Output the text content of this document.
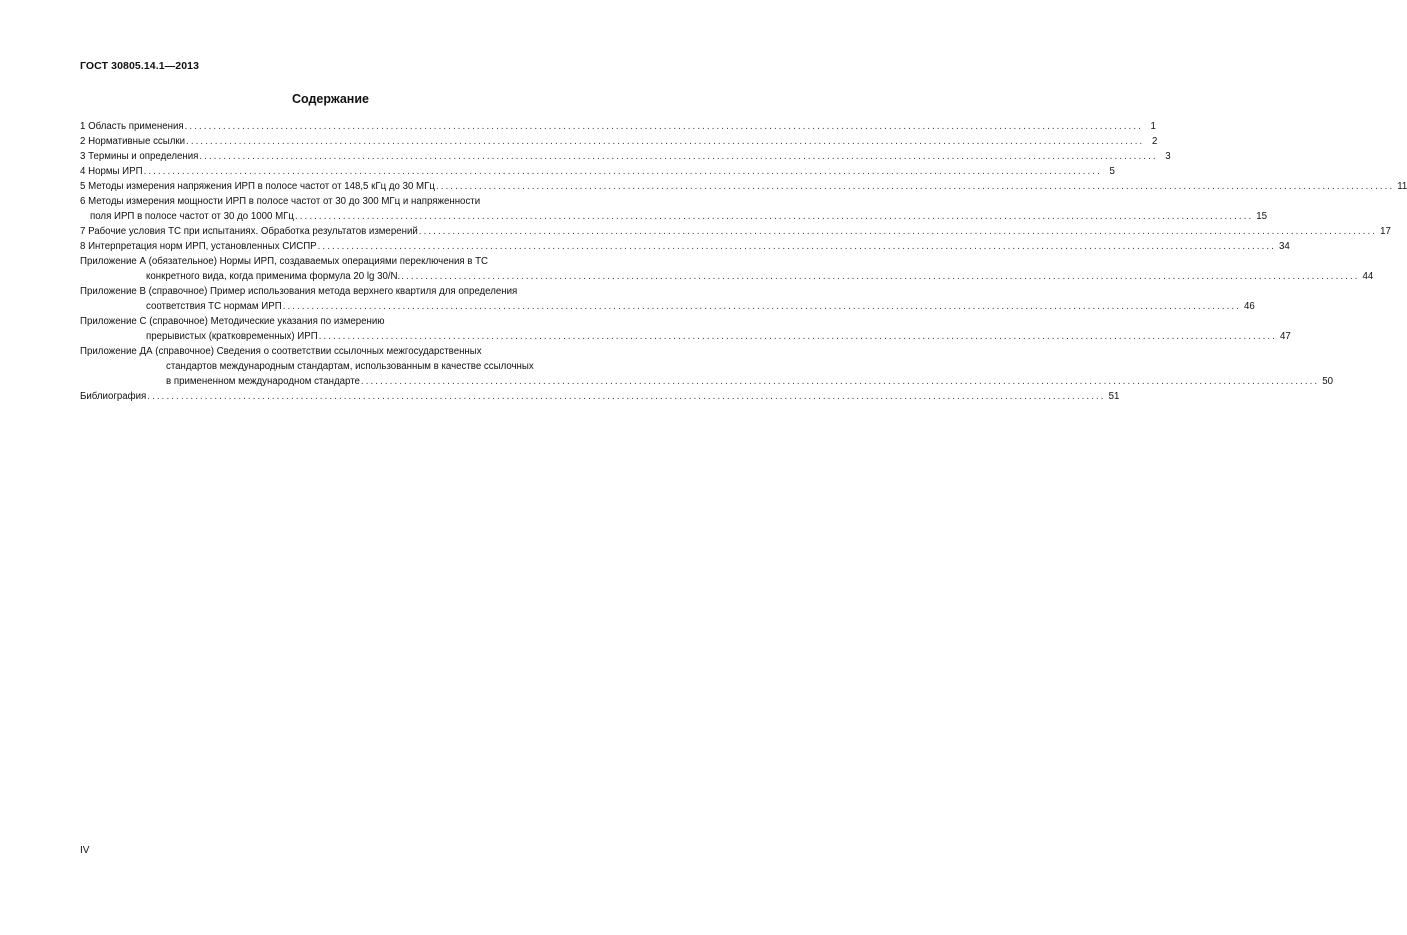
ГОСТ 30805.14.1—2013
Содержание
1 Область применения ........................................................................................................................................................................................................ 1
2 Нормативные ссылки ........................................................................................................................................................................................................ 2
3 Термины и определения ........................................................................................................................................................................................................ 3
4 Нормы ИРП ........................................................................................................................................................................................................ 5
5 Методы измерения напряжения ИРП в полосе частот от 148,5 кГц до 30 МГц ........................................................................................................................................................................................................ 11
6 Методы измерения мощности ИРП в полосе частот от 30 до 300 МГц и напряженности
поля ИРП в полосе частот от 30 до 1000 МГц ........................................................................................................................................................................................................ 15
7 Рабочие условия ТС при испытаниях. Обработка результатов измерений ........................................................................................................................................................................................................ 17
8 Интерпретация норм ИРП, установленных СИСПР ........................................................................................................................................................................................................ 34
Приложение А (обязательное) Нормы ИРП, создаваемых операциями переключения в ТС
конкретного вида, когда применима формула 20 lg 30/N. ........................................................................................................................................................................................................ 44
Приложение В (справочное) Пример использования метода верхнего квартиля для определения
соответствия ТС нормам ИРП ........................................................................................................................................................................................................ 46
Приложение С (справочное) Методические указания по измерению
прерывистых (кратковременных) ИРП ........................................................................................................................................................................................................ 47
Приложение ДА (справочное) Сведения о соответствии ссылочных межгосударственных
стандартов международным стандартам, использованным в качестве ссылочных
в примененном международном стандарте ........................................................................................................................................................................................................ 50
Библиография ........................................................................................................................................................................................................ 51
IV
